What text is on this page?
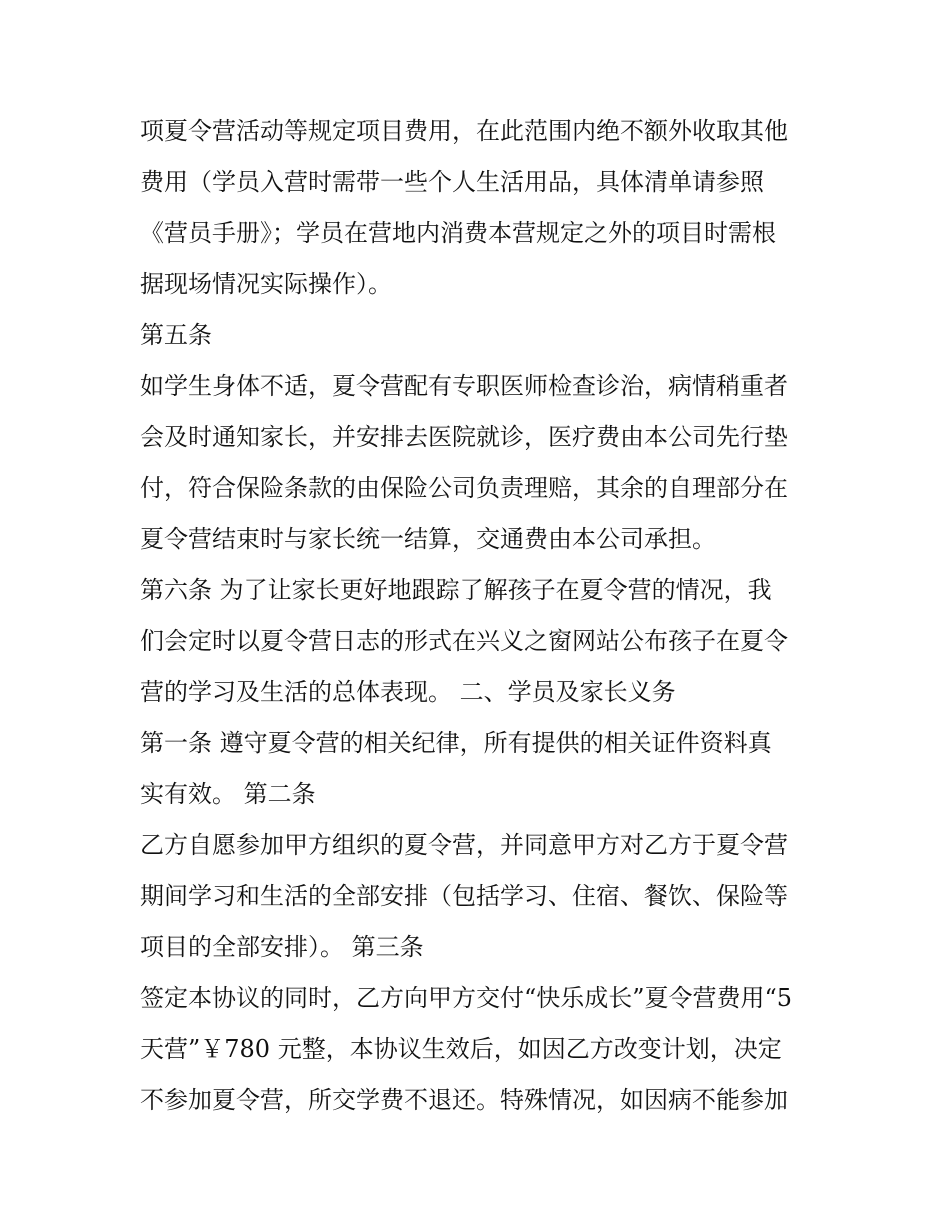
项夏令营活动等规定项目费用，在此范围内绝不额外收取其他
费用（学员入营时需带一些个人生活用品，具体清单请参照
《营员手册》；学员在营地内消费本营规定之外的项目时需根
据现场情况实际操作）。
第五条
如学生身体不适，夏令营配有专职医师检查诊治，病情稍重者
会及时通知家长，并安排去医院就诊，医疗费由本公司先行垫
付，符合保险条款的由保险公司负责理赔，其余的自理部分在
夏令营结束时与家长统一结算，交通费由本公司承担。
第六条 为了让家长更好地跟踪了解孩子在夏令营的情况，我
们会定时以夏令营日志的形式在兴义之窗网站公布孩子在夏令
营的学习及生活的总体表现。 二、学员及家长义务
第一条 遵守夏令营的相关纪律，所有提供的相关证件资料真
实有效。 第二条
乙方自愿参加甲方组织的夏令营，并同意甲方对乙方于夏令营
期间学习和生活的全部安排（包括学习、住宿、餐饮、保险等
项目的全部安排）。 第三条
签定本协议的同时，乙方向甲方交付“快乐成长”夏令营费用“5
天营”￥780 元整，本协议生效后，如因乙方改变计划，决定
不参加夏令营，所交学费不退还。特殊情况，如因病不能参加
